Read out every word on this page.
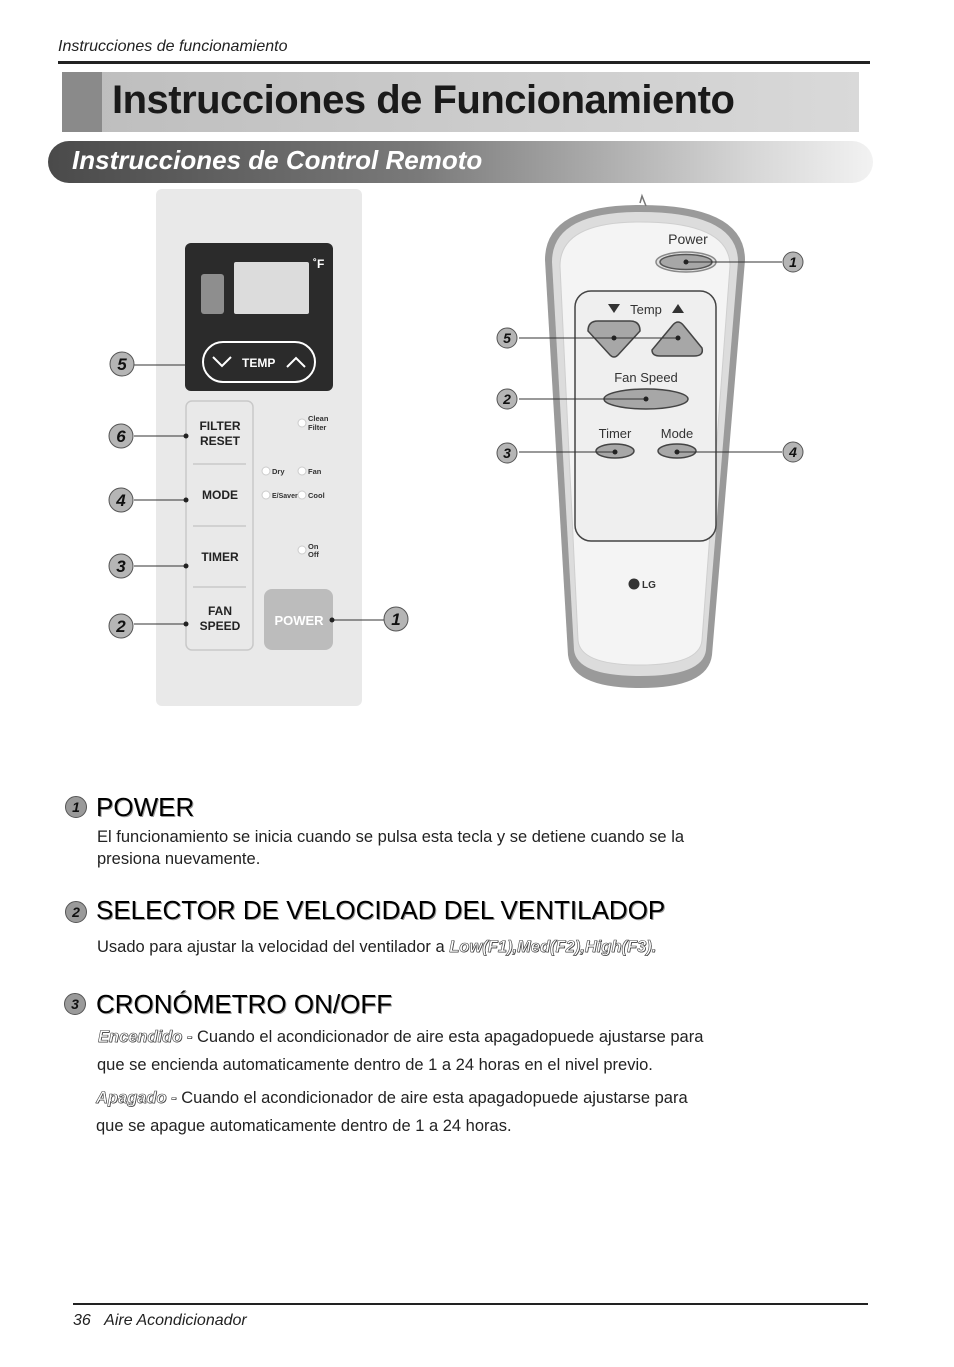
Instrucciones de funcionamiento
Instrucciones de Funcionamiento
Instrucciones de Control Remoto
˚F
TEMP
FILTER
RESET
MODE
TIMER
FAN
SPEED	POWER
Clean
Filter
Dry	Fan
E/Saver Cool
On
Off
5
6
4
3
2	1
Power
Temp
Fan Speed
Timer Mode
LG
1
5
2
3	4
1 POWER
El funcionamiento se inicia cuando se pulsa esta tecla y se detiene cuando se la
presiona nuevamente.
2 SELECTOR DE VELOCIDAD DEL VENTILADOP
Usado para ajustar la velocidad del ventilador a Low(F1),Med(F2),High(F3).
3 CRONÓMETRO ON/OFF
Encendido - Cuando el acondicionador de aire esta apagadopuede ajustarse para
que se encienda automaticamente dentro de 1 a 24 horas en el nivel previo.
Apagado - Cuando el acondicionador de aire esta apagadopuede ajustarse para
que se apague automaticamente dentro de 1 a 24 horas.
36 Aire Acondicionador
